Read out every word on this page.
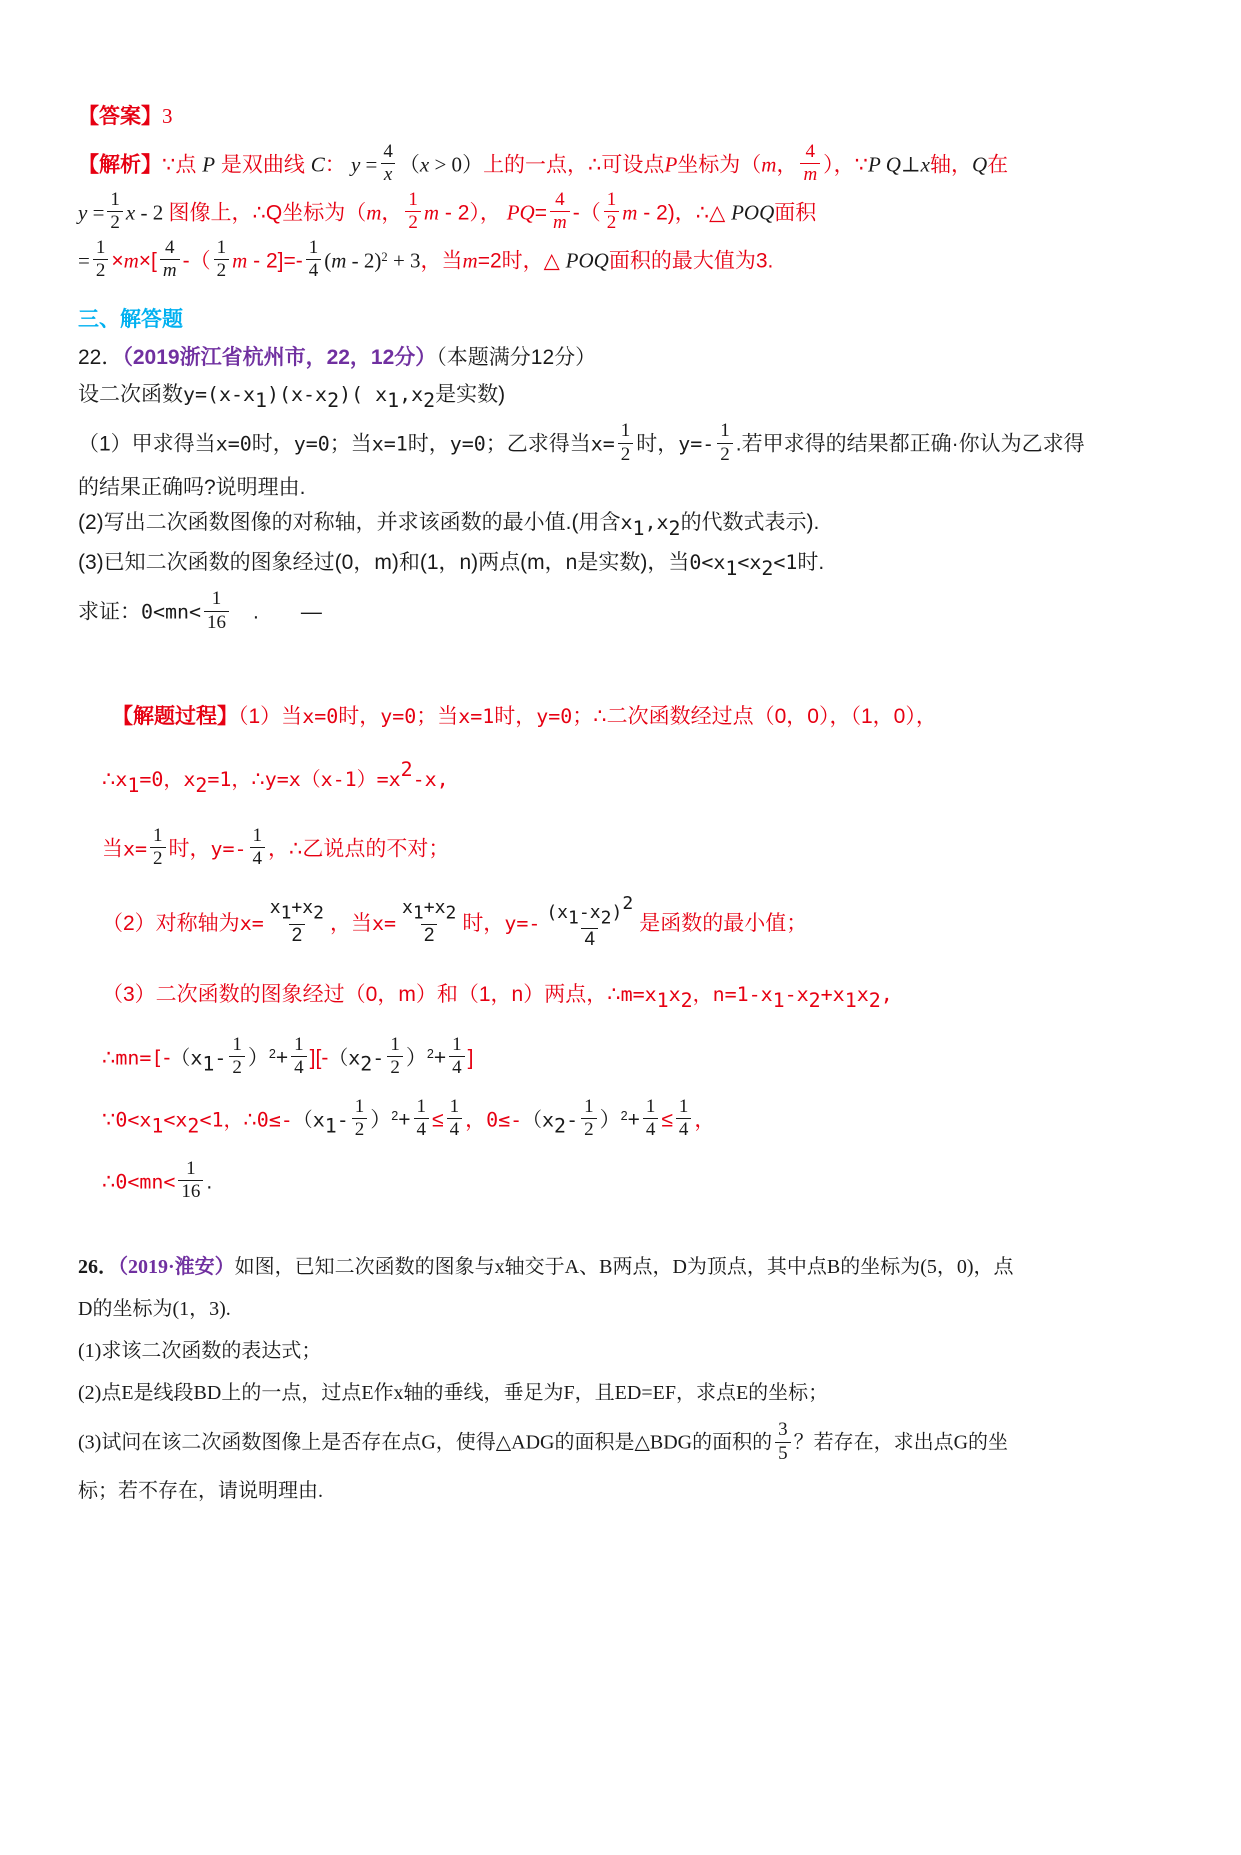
【答案】3

【解析】∵点 P 是双曲线 C： $y = \frac{4}{x} (x > 0)$上的一点，∴可设点P坐标为（m， $\frac{4}{m}$ ），∵P Q⊥x轴，Q在

$y = \frac{1}{2}$ x - 2 图像上，∴Q坐标为（m， $\frac{1}{2}$ m - 2）， $PQ= \frac{4}{m}$ -（ $\frac{1}{2}$ m - 2)，∴△ POQ面积

= $\frac{1}{2} \times m\times[ \frac{4}{m}$ -（ $\frac{1}{2}$ $m - 2]=- \frac{1}{4} (m - 2)^2 + 3$，当m=2时，△ POQ面积的最大值为3.

三、解答题

22．（2019浙江省杭州市，22，12分）（本题满分12分）

设二次函数$y=(x-x_1)(x-x_2)$( $x_1,x_2$是实数)

（1）甲求得当x=0时，y=0；当x=1时，y=0；乙求得当$x= \frac{1}{2}$ 时，$y=- \frac{1}{2}$ .若甲求得的结果都正确·你认为乙求得

的结果正确吗?说明理由.

(2)写出二次函数图像的对称轴，并求该函数的最小值.(用含$x_1,x_2$的代数式表示).

(3)已知二次函数的图象经过(0，m)和(1，n)两点(m，n是实数)，当$0<x_1<x_2<1$时.

求证：$0<mn< \frac{1}{16}$ 　.　　—

【解题过程】（1）当x=0时，y=0；当x=1时，y=0；∴二次函数经过点（0，0），（1，0），

$\therefore x_1=0$，$x_2=1$，$\therefore y=x(x-1)=x^2-x$,

当$x= \frac{1}{2}$ 时，$y=- \frac{1}{4}$ ，∴乙说点的不对；

（2）对称轴为$x= \frac{x_1+x_2}{2}$ ，当$x= \frac{x_1+x_2}{2}$ 时，$y=- \frac{(x_1-x_2)^2}{4}$ 是函数的最小值；

（3）二次函数的图象经过（0，m）和（1，n）两点，$\therefore m=x_1x_2$，$n=1-x_1-x_2+x_1x_2$,

$\therefore mn=[-(x_1- \frac{1}{2} )^2+ \frac{1}{4} ][-(x_2- \frac{1}{2} )^2+ \frac{1}{4}$ ]

$\because 0<x_1<x_2<1$，$\therefore 0\le-(x_1- \frac{1}{2} )^2+ \frac{1}{4} \le \frac{1}{4}$ ，$0\le-(x_2- \frac{1}{2} )^2+ \frac{1}{4} \le \frac{1}{4}$ ，

∴0<mn< $\frac{1}{16}$ .

26．（2019·淮安）如图，已知二次函数的图象与x轴交于A、B两点，D为顶点，其中点B的坐标为(5，0)，点

D的坐标为(1，3).

(1)求该二次函数的表达式；

(2)点E是线段BD上的一点，过点E作x轴的垂线，垂足为F，且ED=EF，求点E的坐标；

(3)试问在该二次函数图像上是否存在点G，使得△ADG的面积是△BDG的面积的 $\frac{3}{5}$ ？若存在，求出点G的坐

标；若不存在，请说明理由.
